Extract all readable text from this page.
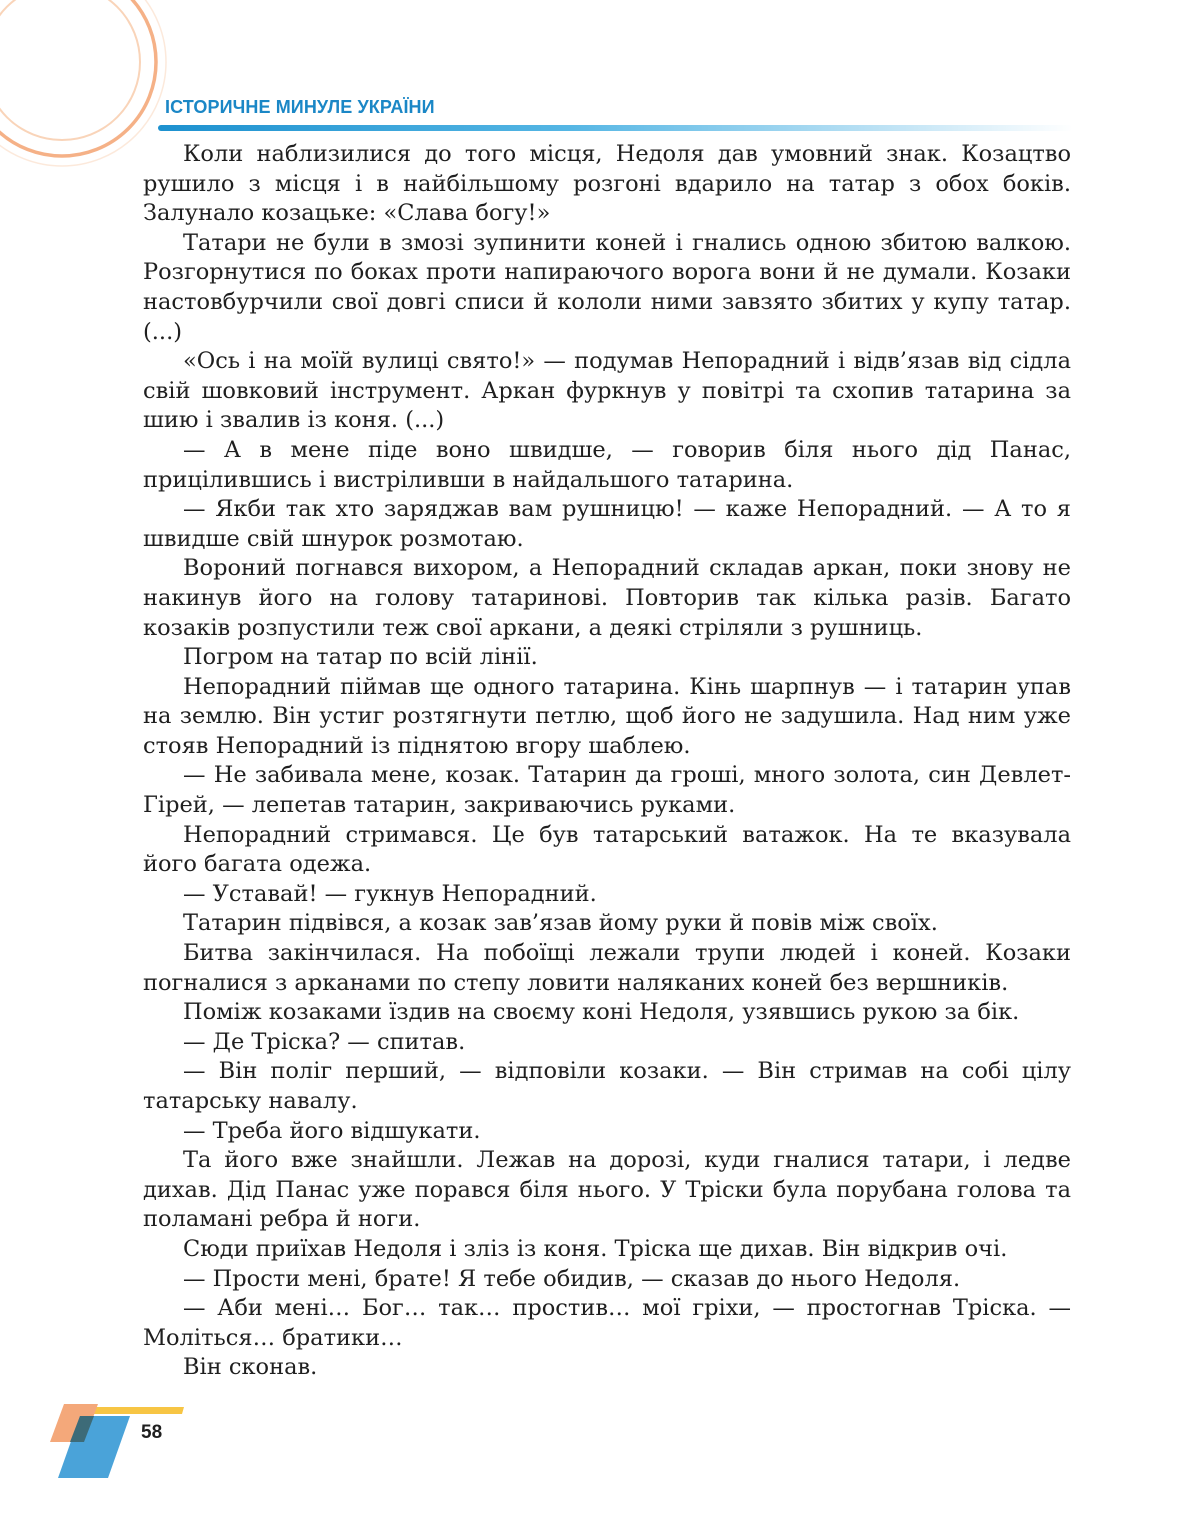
ІСТОРИЧНЕ МИНУЛЕ УКРАЇНИ

Коли наблизилися до того місця, Недоля дав умовний знак. Козацтво рушило з місця і в найбільшому розгоні вдарило на татар з обох боків. Залунало козацьке: «Слава богу!»

Татари не були в змозі зупинити коней і гнались одною збитою валкою. Розгорнутися по боках проти напираючого ворога вони й не думали. Козаки настовбурчили свої довгі списи й кололи ними завзято збитих у купу татар. (...)

«Ось і на моїй вулиці свято!» — подумав Непорадний і відв’язав від сідла свій шовковий інструмент. Аркан фуркнув у повітрі та схопив татарина за шию і звалив із коня. (...)

— А в мене піде воно швидше, — говорив біля нього дід Панас, прицілившись і вистріливши в найдальшого татарина.

— Якби так хто заряджав вам рушницю! — каже Непорадний. — А то я швидше свій шнурок розмотаю.

Вороний погнався вихором, а Непорадний складав аркан, поки знову не накинув його на голову татаринові. Повторив так кілька разів. Багато козаків розпустили теж свої аркани, а деякі стріляли з рушниць.

Погром на татар по всій лінії.

Непорадний піймав ще одного татарина. Кінь шарпнув — і татарин упав на землю. Він устиг розтягнути петлю, щоб його не задушила. Над ним уже стояв Непорадний із піднятою вгору шаблею.

— Не забивала мене, козак. Татарин да гроші, много золота, син Девлет-Гірей, — лепетав татарин, закриваючись руками.

Непорадний стримався. Це був татарський ватажок. На те вказувала його багата одежа.

— Уставай! — гукнув Непорадний.

Татарин підвівся, а козак зав’язав йому руки й повів між своїх.

Битва закінчилася. На побоїщі лежали трупи людей і коней. Козаки погналися з арканами по степу ловити наляканих коней без вершників.

Поміж козаками їздив на своєму коні Недоля, узявшись рукою за бік.

— Де Тріска? — спитав.

— Він поліг перший, — відповіли козаки. — Він стримав на собі цілу татарську навалу.

— Треба його відшукати.

Та його вже знайшли. Лежав на дорозі, куди гналися татари, і ледве дихав. Дід Панас уже порався біля нього. У Тріски була порубана голова та поламані ребра й ноги.

Сюди приїхав Недоля і зліз із коня. Тріска ще дихав. Він відкрив очі.

— Прости мені, брате! Я тебе обидив, — сказав до нього Недоля.

— Аби мені… Бог… так… простив… мої гріхи, — простогнав Тріска. — Моліться… братики…

Він сконав.

58
